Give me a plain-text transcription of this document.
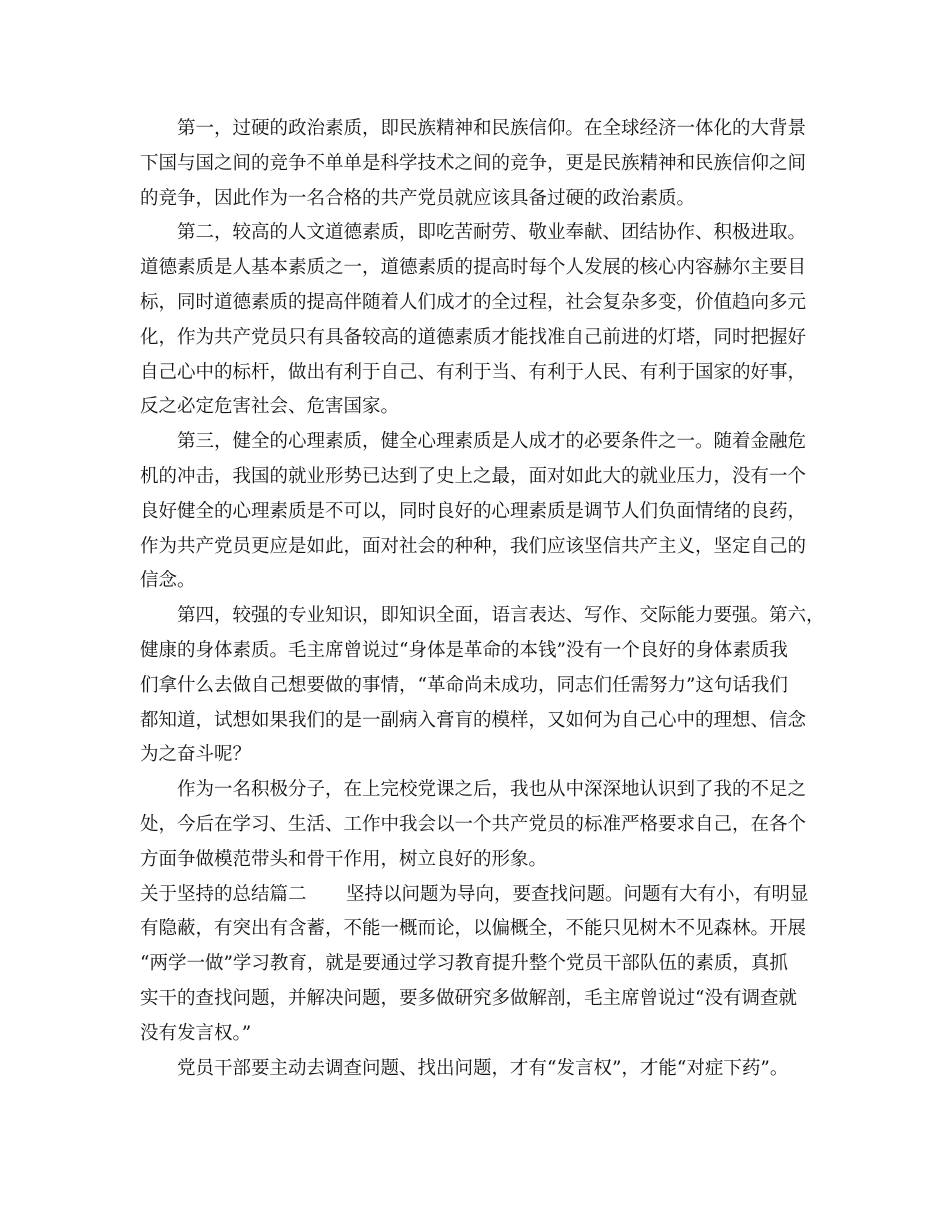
第一，过硬的政治素质，即民族精神和民族信仰。在全球经济一体化的大背景
下国与国之间的竞争不单单是科学技术之间的竞争，更是民族精神和民族信仰之间
的竞争，因此作为一名合格的共产党员就应该具备过硬的政治素质。
第二，较高的人文道德素质，即吃苦耐劳、敬业奉献、团结协作、积极进取。
道德素质是人基本素质之一，道德素质的提高时每个人发展的核心内容赫尔主要目
标，同时道德素质的提高伴随着人们成才的全过程，社会复杂多变，价值趋向多元
化，作为共产党员只有具备较高的道德素质才能找准自己前进的灯塔，同时把握好
自己心中的标杆，做出有利于自己、有利于当、有利于人民、有利于国家的好事，
反之必定危害社会、危害国家。
第三，健全的心理素质，健全心理素质是人成才的必要条件之一。随着金融危
机的冲击，我国的就业形势已达到了史上之最，面对如此大的就业压力，没有一个
良好健全的心理素质是不可以，同时良好的心理素质是调节人们负面情绪的良药，
作为共产党员更应是如此，面对社会的种种，我们应该坚信共产主义，坚定自己的
信念。
第四，较强的专业知识，即知识全面，语言表达、写作、交际能力要强。第六，
健康的身体素质。毛主席曾说过“身体是革命的本钱”没有一个良好的身体素质我
们拿什么去做自己想要做的事情，“革命尚未成功，同志们任需努力”这句话我们
都知道，试想如果我们的是一副病入膏肓的模样，又如何为自己心中的理想、信念
为之奋斗呢？
作为一名积极分子，在上完校党课之后，我也从中深深地认识到了我的不足之
处，今后在学习、生活、工作中我会以一个共产党员的标准严格要求自己，在各个
方面争做模范带头和骨干作用，树立良好的形象。
关于坚持的总结篇二 坚持以问题为导向，要查找问题。问题有大有小，有明显
有隐蔽，有突出有含蓄，不能一概而论，以偏概全，不能只见树木不见森林。开展
“两学一做”学习教育，就是要通过学习教育提升整个党员干部队伍的素质，真抓
实干的查找问题，并解决问题，要多做研究多做解剖，毛主席曾说过“没有调查就
没有发言权。”
党员干部要主动去调查问题、找出问题，才有“发言权”，才能“对症下药”。
